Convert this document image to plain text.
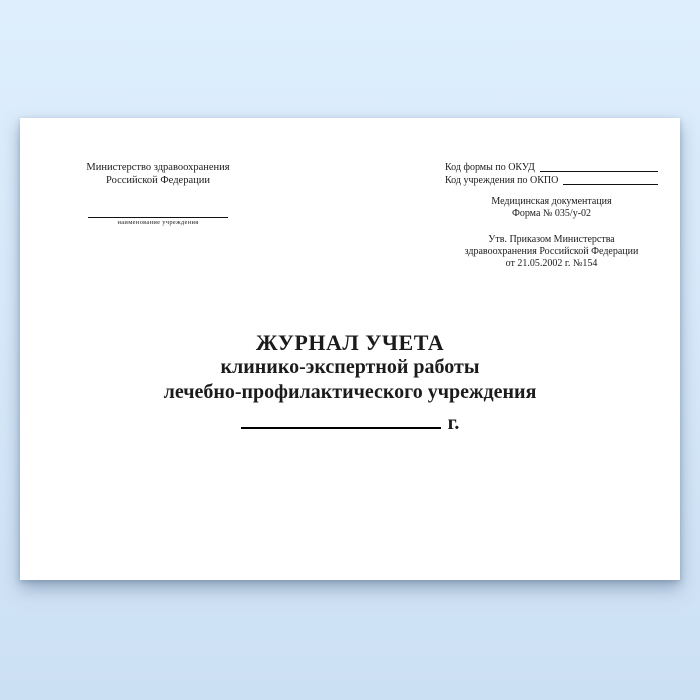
Министерство здравоохранения
Российской Федерации
наименование учреждения
Код формы по ОКУД
Код учреждения по ОКПО
Медицинская документация
Форма № 035/у-02
Утв. Приказом Министерства
здравоохранения Российской Федерации
от 21.05.2002 г. №154
ЖУРНАЛ УЧЕТА
клинико-экспертной работы
лечебно-профилактического учреждения
г.
